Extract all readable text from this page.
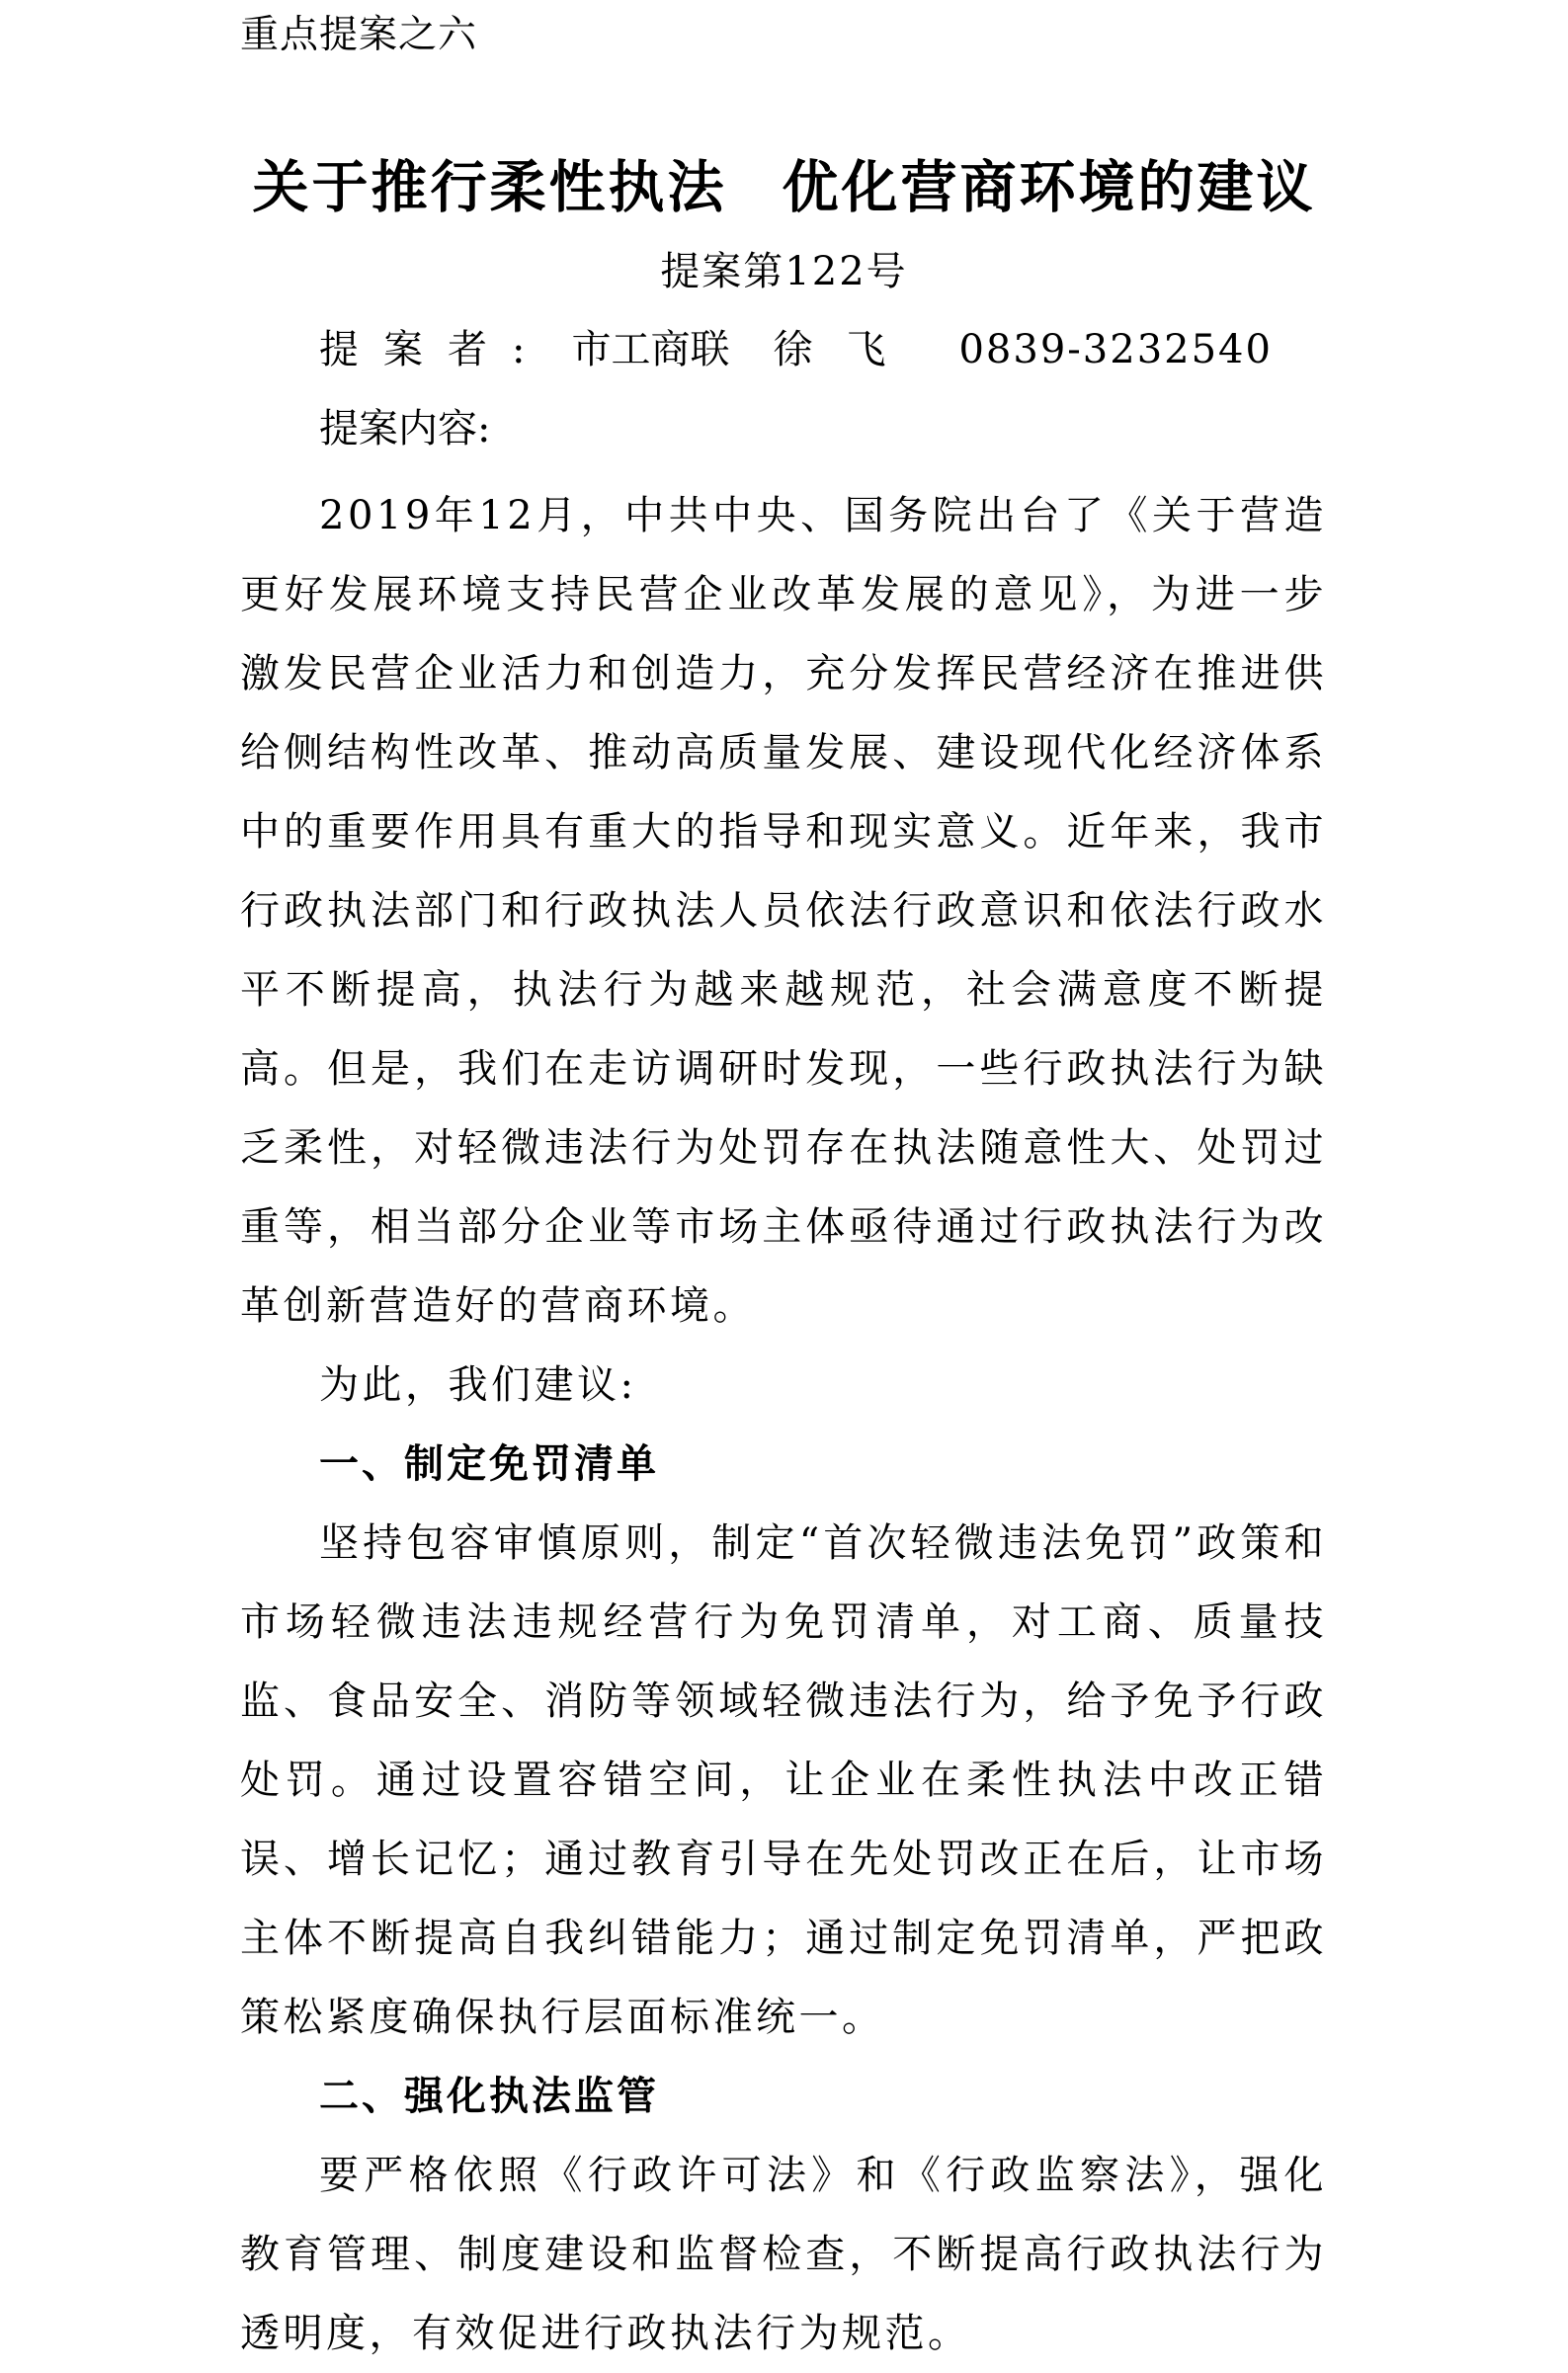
重点提案之六
关于推行柔性执法 优化营商环境的建议
提案第122号
提案者: 市工商联 徐飞 0839-3232540
提案内容:

2019年12月，中共中央、国务院出台了《关于营造更好发展环境支持民营企业改革发展的意见》，为进一步激发民营企业活力和创造力，充分发挥民营经济在推进供给侧结构性改革、推动高质量发展、建设现代化经济体系中的重要作用具有重大的指导和现实意义。近年来，我市行政执法部门和行政执法人员依法行政意识和依法行政水平不断提高，执法行为越来越规范，社会满意度不断提高。但是，我们在走访调研时发现，一些行政执法行为缺乏柔性，对轻微违法行为处罚存在执法随意性大、处罚过重等，相当部分企业等市场主体亟待通过行政执法行为改革创新营造好的营商环境。

为此，我们建议:

一、制定免罚清单

坚持包容审慎原则，制定“首次轻微违法免罚”政策和市场轻微违法违规经营行为免罚清单，对工商、质量技监、食品安全、消防等领域轻微违法行为，给予免予行政处罚。通过设置容错空间，让企业在柔性执法中改正错误、增长记忆；通过教育引导在先处罚改正在后，让市场主体不断提高自我纠错能力；通过制定免罚清单，严把政策松紧度确保执行层面标准统一。

二、强化执法监管

要严格依照《行政许可法》和《行政监察法》，强化教育管理、制度建设和监督检查，不断提高行政执法行为透明度，有效促进行政执法行为规范。
